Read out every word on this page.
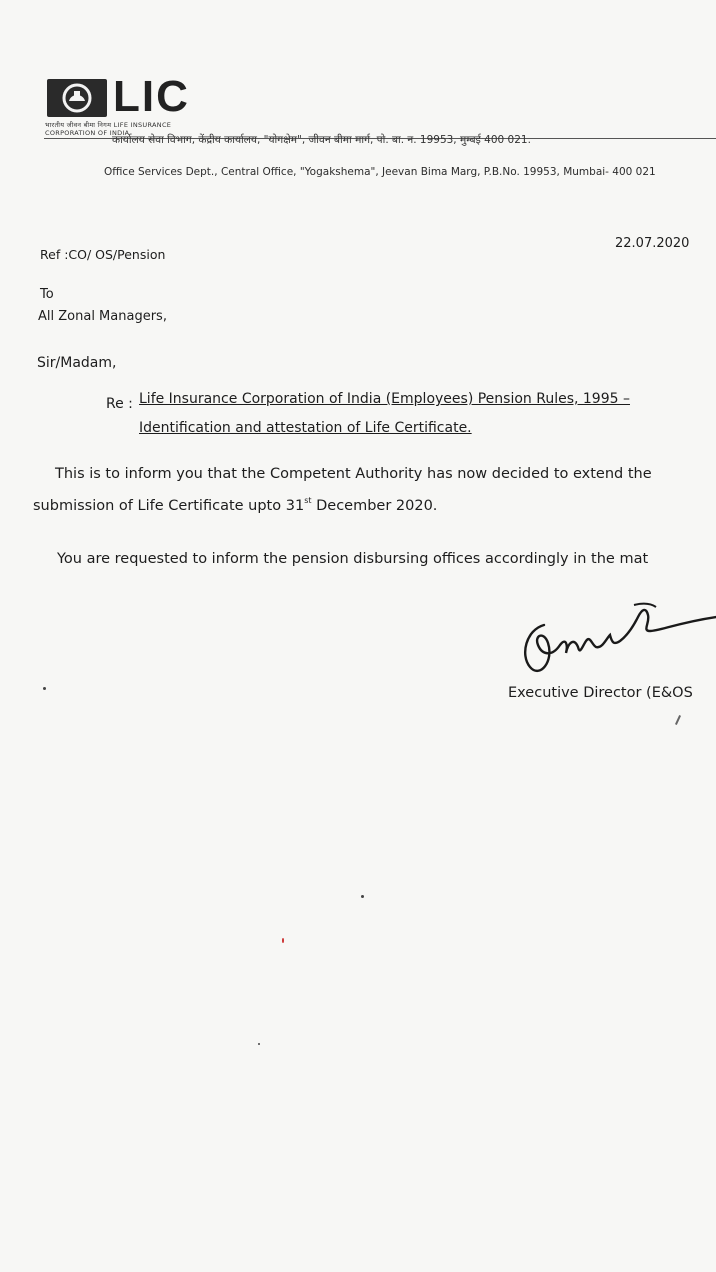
LIC
भारतीय जीवन बीमा निगम LIFE INSURANCE CORPORATION OF INDIA
कार्यालय सेवा विभाग, केंद्रीय कार्यालय, "योगक्षेम", जीवन बीमा मार्ग, पो. बा. न. 19953, मुम्बई 400 021.
Office Services Dept., Central Office, "Yogakshema", Jeevan Bima Marg, P.B.No. 19953, Mumbai- 400 021
22.07.2020
Ref :CO/ OS/Pension
To
All Zonal Managers,
Sir/Madam,
Re : Life Insurance Corporation of India (Employees) Pension Rules, 1995 –
Identification and attestation of Life Certificate.
This is to inform you that the Competent Authority has now decided to extend the
submission of Life Certificate upto 31st December 2020.
You are requested to inform the pension disbursing offices accordingly in the mat
Executive Director (E&OS
